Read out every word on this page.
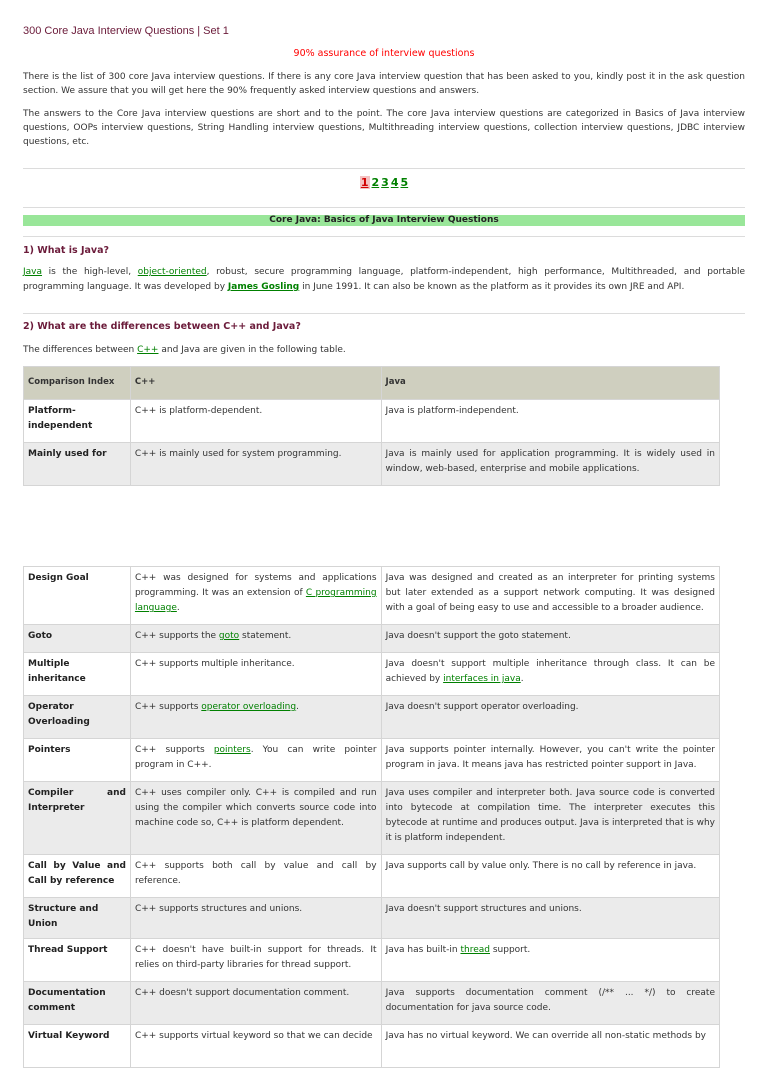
300 Core Java Interview Questions | Set 1
90% assurance of interview questions

There is the list of 300 core Java interview questions. If there is any core Java interview question that has been asked to you, kindly post it in the ask question section. We assure that you will get here the 90% frequently asked interview questions and answers.

The answers to the Core Java interview questions are short and to the point. The core Java interview questions are categorized in Basics of Java interview questions, OOPs interview questions, String Handling interview questions, Multithreading interview questions, collection interview questions, JDBC interview questions, etc.

1 2 3 4 5
Core Java: Basics of Java Interview Questions

1) What is Java?

Java is the high-level, object-oriented, robust, secure programming language, platform-independent, high performance, Multithreaded, and portable programming language. It was developed by James Gosling in June 1991. It can also be known as the platform as it provides its own JRE and API.

2) What are the differences between C++ and Java?

The differences between C++ and Java are given in the following table.

Comparison Index	C++	Java
Platform-independent	C++ is platform-dependent.	Java is platform-independent.
Mainly used for	C++ is mainly used for system programming.	Java is mainly used for application programming. It is widely used in window, web-based, enterprise and mobile applications.
Design Goal	C++ was designed for systems and applications programming. It was an extension of C programming language.	Java was designed and created as an interpreter for printing systems but later extended as a support network computing. It was designed with a goal of being easy to use and accessible to a broader audience.
Goto	C++ supports the goto statement.	Java doesn't support the goto statement.
Multiple inheritance	C++ supports multiple inheritance.	Java doesn't support multiple inheritance through class. It can be achieved by interfaces in java.
Operator Overloading	C++ supports operator overloading.	Java doesn't support operator overloading.
Pointers	C++ supports pointers. You can write pointer program in C++.	Java supports pointer internally. However, you can't write the pointer program in java. It means java has restricted pointer support in Java.
Compiler and Interpreter	C++ uses compiler only. C++ is compiled and run using the compiler which converts source code into machine code so, C++ is platform dependent.	Java uses compiler and interpreter both. Java source code is converted into bytecode at compilation time. The interpreter executes this bytecode at runtime and produces output. Java is interpreted that is why it is platform independent.
Call by Value and Call by reference	C++ supports both call by value and call by reference.	Java supports call by value only. There is no call by reference in java.
Structure and Union	C++ supports structures and unions.	Java doesn't support structures and unions.
Thread Support	C++ doesn't have built-in support for threads. It relies on third-party libraries for thread support.	Java has built-in thread support.
Documentation comment	C++ doesn't support documentation comment.	Java supports documentation comment (/** ... */) to create documentation for java source code.
Virtual Keyword	C++ supports virtual keyword so that we can decide	Java has no virtual keyword. We can override all non-static methods by
